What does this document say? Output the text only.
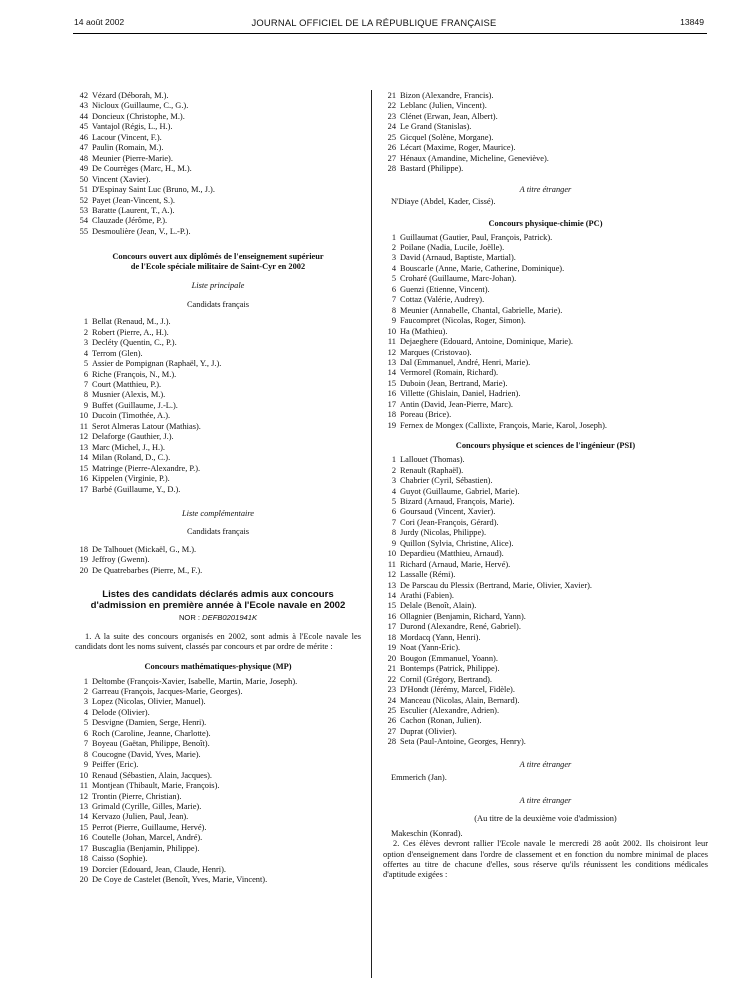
14 août 2002	JOURNAL OFFICIEL DE LA RÉPUBLIQUE FRANÇAISE	13849
42 Vézard (Déborah, M.).
43 Nicloux (Guillaume, C., G.).
44 Doncieux (Christophe, M.).
45 Vantajol (Régis, L., H.).
46 Lacour (Vincent, F.).
47 Paulin (Romain, M.).
48 Meunier (Pierre-Marie).
49 De Courrèges (Marc, H., M.).
50 Vincent (Xavier).
51 D'Espinay Saint Luc (Bruno, M., J.).
52 Payet (Jean-Vincent, S.).
53 Baratte (Laurent, T., A.).
54 Clauzade (Jérôme, P.).
55 Desmoulière (Jean, V., L.-P.).
Concours ouvert aux diplômés de l'enseignement supérieur
de l'Ecole spéciale militaire de Saint-Cyr en 2002
Liste principale
Candidats français
1 Bellat (Renaud, M., J.).
2 Robert (Pierre, A., H.).
3 Decléty (Quentin, C., P.).
4 Terrom (Glen).
5 Assier de Pompignan (Raphaël, Y., J.).
6 Riche (François, N., M.).
7 Court (Matthieu, P.).
8 Musnier (Alexis, M.).
9 Buffet (Guillaume, J.-L.).
10 Ducoin (Timothée, A.).
11 Serot Almeras Latour (Mathias).
12 Delaforge (Gauthier, J.).
13 Marc (Michel, J., H.).
14 Milan (Roland, D., C.).
15 Matringe (Pierre-Alexandre, P.).
16 Kippelen (Virginie, P.).
17 Barbé (Guillaume, Y., D.).
Liste complémentaire
Candidats français
18 De Talhouet (Mickaël, G., M.).
19 Jeffroy (Gwenn).
20 De Quatrebarbes (Pierre, M., F.).
Listes des candidats déclarés admis aux concours
d'admission en première année à l'Ecole navale en 2002
NOR : DEFB0201941K
1. A la suite des concours organisés en 2002, sont admis à l'Ecole navale les candidats dont les noms suivent, classés par concours et par ordre de mérite :
Concours mathématiques-physique (MP)
1 Deltombe (François-Xavier, Isabelle, Martin, Marie, Joseph).
2 Garreau (François, Jacques-Marie, Georges).
3 Lopez (Nicolas, Olivier, Manuel).
4 Delode (Olivier).
5 Desvigne (Damien, Serge, Henri).
6 Roch (Caroline, Jeanne, Charlotte).
7 Boyeau (Gaëtan, Philippe, Benoît).
8 Coucogne (David, Yves, Marie).
9 Peiffer (Eric).
10 Renaud (Sébastien, Alain, Jacques).
11 Montjean (Thibault, Marie, François).
12 Trontin (Pierre, Christian).
13 Grimald (Cyrille, Gilles, Marie).
14 Kervazo (Julien, Paul, Jean).
15 Perrot (Pierre, Guillaume, Hervé).
16 Coutelle (Johan, Marcel, André).
17 Buscaglia (Benjamin, Philippe).
18 Caisso (Sophie).
19 Dorcier (Edouard, Jean, Claude, Henri).
20 De Coye de Castelet (Benoît, Yves, Marie, Vincent).
21 Bizon (Alexandre, Francis).
22 Leblanc (Julien, Vincent).
23 Clénet (Erwan, Jean, Albert).
24 Le Grand (Stanislas).
25 Gicquel (Solène, Morgane).
26 Lécart (Maxime, Roger, Maurice).
27 Hénaux (Amandine, Micheline, Geneviève).
28 Bastard (Philippe).
A titre étranger
N'Diaye (Abdel, Kader, Cissé).
Concours physique-chimie (PC)
1 Guillaumat (Gautier, Paul, François, Patrick).
2 Poilane (Nadia, Lucile, Joëlle).
3 David (Arnaud, Baptiste, Martial).
4 Bouscarle (Anne, Marie, Catherine, Dominique).
5 Croharé (Guillaume, Marc-Johan).
6 Guenzi (Etienne, Vincent).
7 Cottaz (Valérie, Audrey).
8 Meunier (Annabelle, Chantal, Gabrielle, Marie).
9 Faucompret (Nicolas, Roger, Simon).
10 Ha (Mathieu).
11 Dejaeghere (Edouard, Antoine, Dominique, Marie).
12 Marques (Cristovao).
13 Dal (Emmanuel, André, Henri, Marie).
14 Vermorel (Romain, Richard).
15 Duboin (Jean, Bertrand, Marie).
16 Villette (Ghislain, Daniel, Hadrien).
17 Antin (David, Jean-Pierre, Marc).
18 Poreau (Brice).
19 Fernex de Mongex (Callixte, François, Marie, Karol, Joseph).
Concours physique et sciences de l'ingénieur (PSI)
1 Lallouet (Thomas).
2 Renault (Raphaël).
3 Chabrier (Cyril, Sébastien).
4 Guyot (Guillaume, Gabriel, Marie).
5 Bizard (Arnaud, François, Marie).
6 Goursaud (Vincent, Xavier).
7 Cori (Jean-François, Gérard).
8 Jurdy (Nicolas, Philippe).
9 Quillon (Sylvia, Christine, Alice).
10 Depardieu (Matthieu, Arnaud).
11 Richard (Arnaud, Marie, Hervé).
12 Lassalle (Rémi).
13 De Parscau du Plessix (Bertrand, Marie, Olivier, Xavier).
14 Arathi (Fabien).
15 Delale (Benoît, Alain).
16 Ollagnier (Benjamin, Richard, Yann).
17 Durond (Alexandre, René, Gabriel).
18 Mordacq (Yann, Henri).
19 Noat (Yann-Eric).
20 Bougon (Emmanuel, Yoann).
21 Bontemps (Patrick, Philippe).
22 Cornil (Grégory, Bertrand).
23 D'Hondt (Jérémy, Marcel, Fidèle).
24 Manceau (Nicolas, Alain, Bernard).
25 Esculier (Alexandre, Adrien).
26 Cachon (Ronan, Julien).
27 Duprat (Olivier).
28 Seta (Paul-Antoine, Georges, Henry).
A titre étranger
Emmerich (Jan).
A titre étranger
(Au titre de la deuxième voie d'admission)
Makeschin (Konrad).
2. Ces élèves devront rallier l'Ecole navale le mercredi 28 août 2002. Ils choisiront leur option d'enseignement dans l'ordre de classement et en fonction du nombre minimal de places offertes au titre de chacune d'elles, sous réserve qu'ils réunissent les conditions médicales d'aptitude exigées :
